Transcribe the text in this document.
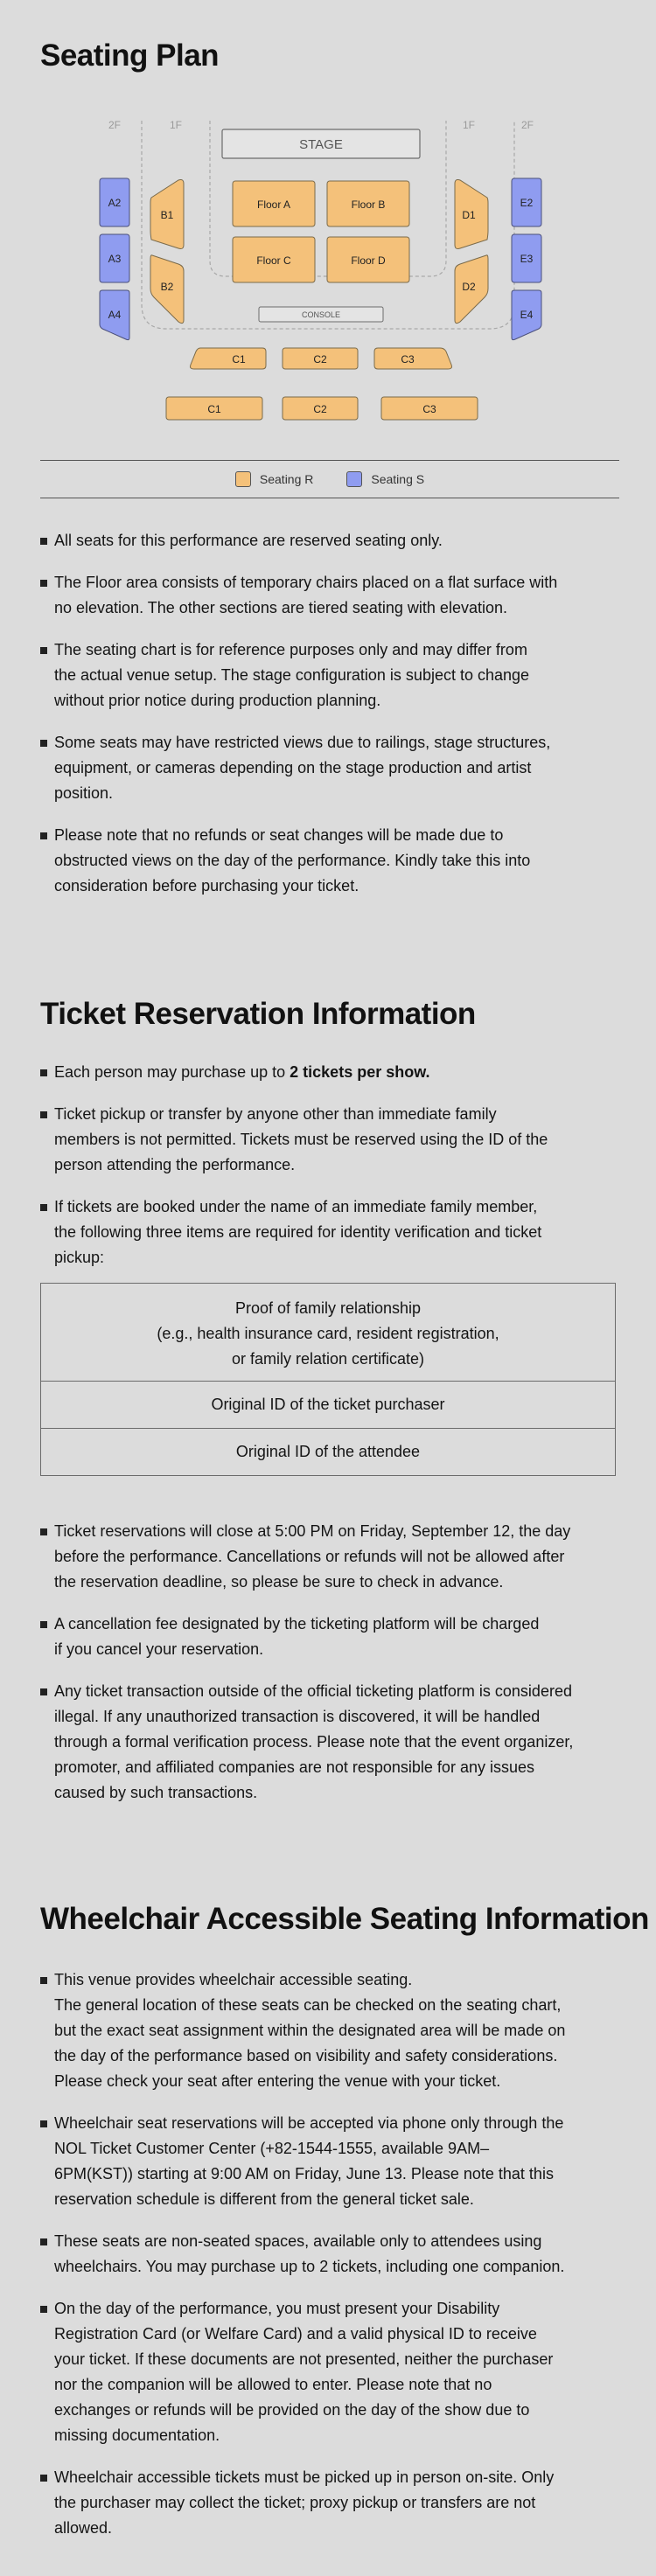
Seating Plan
2F	1F	1F	2F
STAGE
Floor A	Floor B
Floor C	Floor D
CONSOLE
B1
B2
D1
D2
A2
A3
A4
E2
E3
E4
C1	C2	C3
C1	C2	C3
Seating R	Seating S
All seats for this performance are reserved seating only.
The Floor area consists of temporary chairs placed on a flat surface with
no elevation. The other sections are tiered seating with elevation.
The seating chart is for reference purposes only and may differ from
the actual venue setup. The stage configuration is subject to change
without prior notice during production planning.
Some seats may have restricted views due to railings, stage structures,
equipment, or cameras depending on the stage production and artist
position.
Please note that no refunds or seat changes will be made due to
obstructed views on the day of the performance. Kindly take this into
consideration before purchasing your ticket.
Ticket Reservation Information
Each person may purchase up to 2 tickets per show.
Ticket pickup or transfer by anyone other than immediate family
members is not permitted. Tickets must be reserved using the ID of the
person attending the performance.
If tickets are booked under the name of an immediate family member,
the following three items are required for identity verification and ticket
pickup:
Proof of family relationship
(e.g., health insurance card, resident registration,
or family relation certificate)
Original ID of the ticket purchaser
Original ID of the attendee
Ticket reservations will close at 5:00 PM on Friday, September 12, the day
before the performance. Cancellations or refunds will not be allowed after
the reservation deadline, so please be sure to check in advance.
A cancellation fee designated by the ticketing platform will be charged
if you cancel your reservation.
Any ticket transaction outside of the official ticketing platform is considered
illegal. If any unauthorized transaction is discovered, it will be handled
through a formal verification process. Please note that the event organizer,
promoter, and affiliated companies are not responsible for any issues
caused by such transactions.
Wheelchair Accessible Seating Information
This venue provides wheelchair accessible seating.
The general location of these seats can be checked on the seating chart,
but the exact seat assignment within the designated area will be made on
the day of the performance based on visibility and safety considerations.
Please check your seat after entering the venue with your ticket.
Wheelchair seat reservations will be accepted via phone only through the
NOL Ticket Customer Center (+82-1544-1555, available 9AM–
6PM(KST)) starting at 9:00 AM on Friday, June 13. Please note that this
reservation schedule is different from the general ticket sale.
These seats are non-seated spaces, available only to attendees using
wheelchairs. You may purchase up to 2 tickets, including one companion.
On the day of the performance, you must present your Disability
Registration Card (or Welfare Card) and a valid physical ID to receive
your ticket. If these documents are not presented, neither the purchaser
nor the companion will be allowed to enter. Please note that no
exchanges or refunds will be provided on the day of the show due to
missing documentation.
Wheelchair accessible tickets must be picked up in person on-site. Only
the purchaser may collect the ticket; proxy pickup or transfers are not
allowed.
